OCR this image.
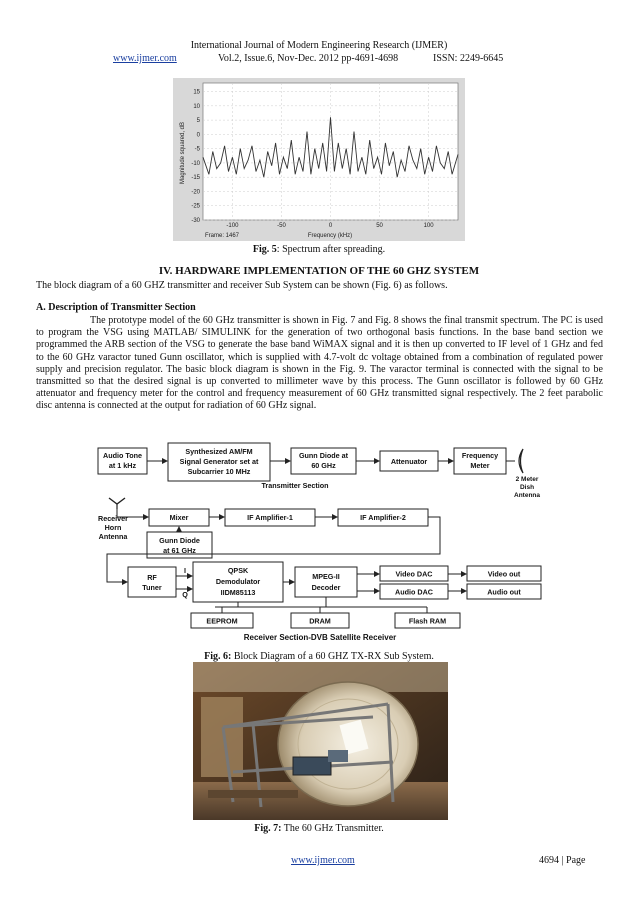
International Journal of Modern Engineering Research (IJMER)
www.ijmer.com	Vol.2, Issue.6, Nov-Dec. 2012 pp-4691-4698	ISSN: 2249-6645
15
10
5
0
-5
-10
-15
-20
-25
-30
-100	-50	0	50	100
Magnitude squared, dB
Frequency (kHz)
Frame: 1467
Fig. 5: Spectrum after spreading.
IV. HARDWARE IMPLEMENTATION OF THE 60 GHZ SYSTEM
The block diagram of a 60 GHZ transmitter and receiver Sub System can be shown (Fig. 6) as follows.
A. Description of Transmitter Section
The prototype model of the 60 GHz transmitter is shown in Fig. 7 and Fig. 8 shows the final transmit spectrum. The PC is used to program the VSG using MATLAB/ SIMULINK for the generation of two orthogonal basis functions. In the base band section we programmed the ARB section of the VSG to generate the base band WiMAX signal and it is then up converted to IF level of 1 GHz and fed to the 60 GHz varactor tuned Gunn oscillator, which is supplied with 4.7-volt dc voltage obtained from a combination of regulated power supply and precision regulator. The basic block diagram is shown in the Fig. 9. The varactor terminal is connected with the signal to be transmitted so that the desired signal is up converted to millimeter wave by this process. The Gunn oscillator is followed by 60 GHz attenuator and frequency meter for the control and frequency measurement of 60 GHz transmitted signal respectively. The 2 feet parabolic disc antenna is connected at the output for radiation of 60 GHz signal.
Audio Tone
at 1 kHz
Synthesized AM/FM
Signal Generator set at
Subcarrier 10 MHz
Gunn Diode at
60 GHz	Attenuator
Frequency
Meter
2 Meter
Dish
Antenna
Transmitter Section
Receiver
Horn
Antenna
Mixer	IF Amplifier-1	IF Amplifier-2
Gunn Diode
at 61 GHz
RF
Tuner
I
Q
QPSK
Demodulator
IIDM85113
MPEG-II
Decoder
Video DAC
Audio DAC
Video out
Audio out
EEPROM	DRAM	Flash RAM
Receiver Section-DVB Satellite Receiver
Fig. 6: Block Diagram of a 60 GHZ TX-RX Sub System.
Fig. 7: The 60 GHz Transmitter.
www.ijmer.com	4694 | Page
